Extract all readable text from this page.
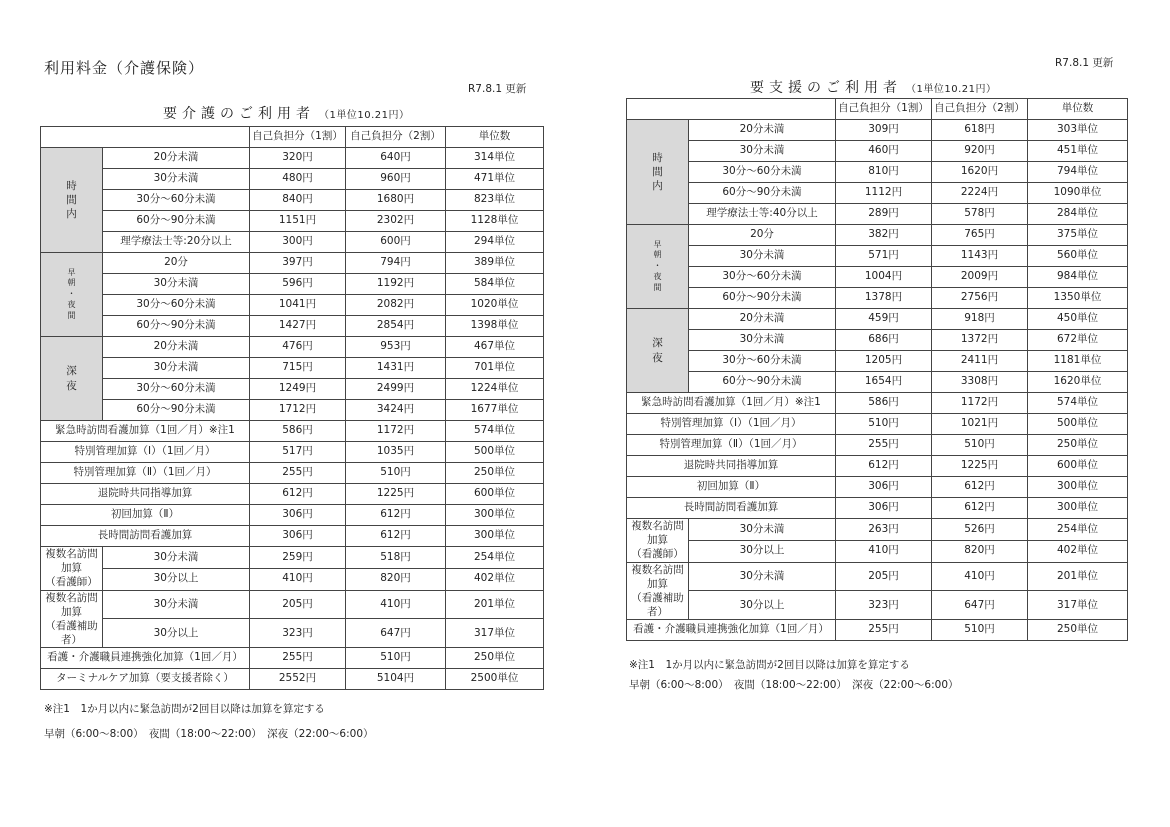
利用料金（介護保険）
R7.8.1 更新
要介護のご利用者 （1単位10.21円）
		自己負担分（1割）	自己負担分（2割）	単位数
時
間
内	20分未満	320円	640円	314単位
	30分未満	480円	960円	471単位
	30分〜60分未満	840円	1680円	823単位
	60分〜90分未満	1151円	2302円	1128単位
	理学療法士等:20分以上	300円	600円	294単位
早
朝
・
夜
間	20分	397円	794円	389単位
	30分未満	596円	1192円	584単位
	30分〜60分未満	1041円	2082円	1020単位
	60分〜90分未満	1427円	2854円	1398単位
深
夜	20分未満	476円	953円	467単位
	30分未満	715円	1431円	701単位
	30分〜60分未満	1249円	2499円	1224単位
	60分〜90分未満	1712円	3424円	1677単位
緊急時訪問看護加算（1回／月）※注1		586円	1172円	574単位
特別管理加算（Ⅰ）（1回／月）		517円	1035円	500単位
特別管理加算（Ⅱ）（1回／月）		255円	510円	250単位
退院時共同指導加算		612円	1225円	600単位
初回加算（Ⅱ）		306円	612円	300単位
長時間訪問看護加算		306円	612円	300単位
複数名訪問加算
（看護師）	30分未満	259円	518円	254単位
	30分以上	410円	820円	402単位
複数名訪問加算
（看護補助者）	30分未満	205円	410円	201単位
	30分以上	323円	647円	317単位
看護・介護職員連携強化加算（1回／月）		255円	510円	250単位
ターミナルケア加算（要支援者除く）		2552円	5104円	2500単位
※注1　1か月以内に緊急訪問が2回目以降は加算を算定する
早朝（6:00〜8:00）　夜間（18:00〜22:00）　深夜（22:00〜6:00）
R7.8.1 更新
要支援のご利用者 （1単位10.21円）
		自己負担分（1割）	自己負担分（2割）	単位数
時
間
内	20分未満	309円	618円	303単位
	30分未満	460円	920円	451単位
	30分〜60分未満	810円	1620円	794単位
	60分〜90分未満	1112円	2224円	1090単位
	理学療法士等:40分以上	289円	578円	284単位
早
朝
・
夜
間	20分	382円	765円	375単位
	30分未満	571円	1143円	560単位
	30分〜60分未満	1004円	2009円	984単位
	60分〜90分未満	1378円	2756円	1350単位
深
夜	20分未満	459円	918円	450単位
	30分未満	686円	1372円	672単位
	30分〜60分未満	1205円	2411円	1181単位
	60分〜90分未満	1654円	3308円	1620単位
緊急時訪問看護加算（1回／月）※注1		586円	1172円	574単位
特別管理加算（Ⅰ）（1回／月）		510円	1021円	500単位
特別管理加算（Ⅱ）（1回／月）		255円	510円	250単位
退院時共同指導加算		612円	1225円	600単位
初回加算（Ⅱ）		306円	612円	300単位
長時間訪問看護加算		306円	612円	300単位
複数名訪問加算
（看護師）	30分未満	263円	526円	254単位
	30分以上	410円	820円	402単位
複数名訪問加算
（看護補助者）	30分未満	205円	410円	201単位
	30分以上	323円	647円	317単位
看護・介護職員連携強化加算（1回／月）		255円	510円	250単位
※注1　1か月以内に緊急訪問が2回目以降は加算を算定する
早朝（6:00〜8:00）　夜間（18:00〜22:00）　深夜（22:00〜6:00）
